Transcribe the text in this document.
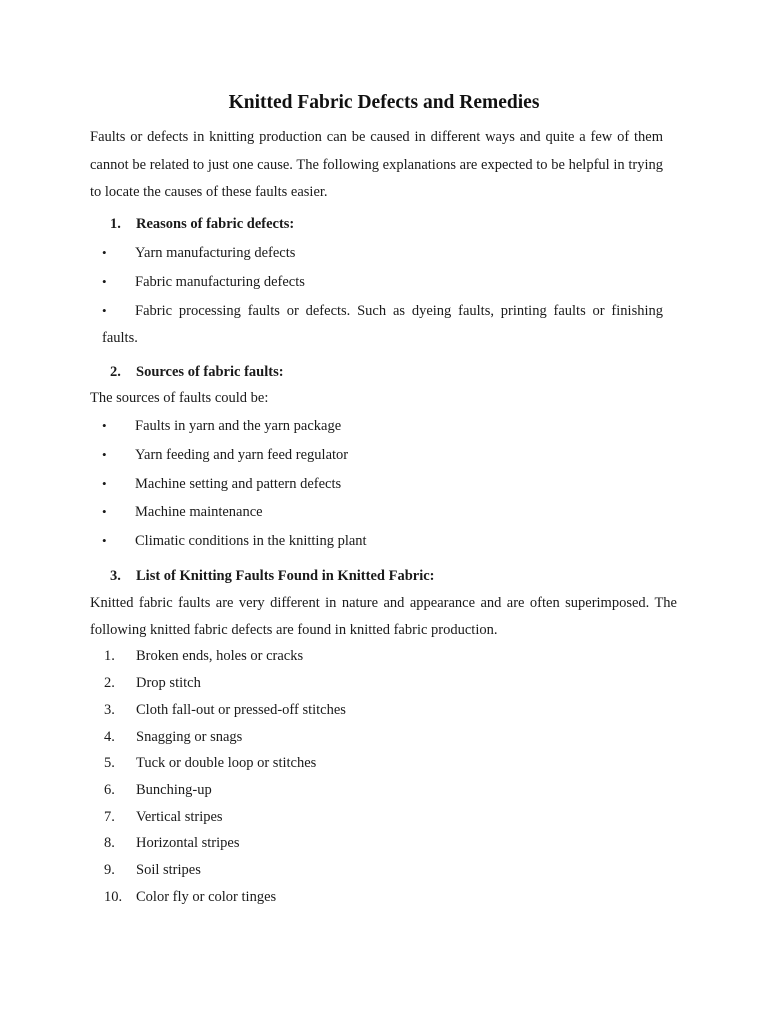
Knitted Fabric Defects and Remedies

Faults or defects in knitting production can be caused in different ways and quite a few of them cannot be related to just one cause. The following explanations are expected to be helpful in trying to locate the causes of these faults easier.

1. Reasons of fabric defects:

• Yarn manufacturing defects

• Fabric manufacturing defects

• Fabric processing faults or defects. Such as dyeing faults, printing faults or finishing faults.

2. Sources of fabric faults:

The sources of faults could be:

• Faults in yarn and the yarn package

• Yarn feeding and yarn feed regulator

• Machine setting and pattern defects

• Machine maintenance

• Climatic conditions in the knitting plant

3. List of Knitting Faults Found in Knitted Fabric:

Knitted fabric faults are very different in nature and appearance and are often superimposed. The following knitted fabric defects are found in knitted fabric production.

1. Broken ends, holes or cracks

2. Drop stitch

3. Cloth fall-out or pressed-off stitches

4. Snagging or snags

5. Tuck or double loop or stitches

6. Bunching-up

7. Vertical stripes

8. Horizontal stripes

9. Soil stripes

10. Color fly or color tinges
